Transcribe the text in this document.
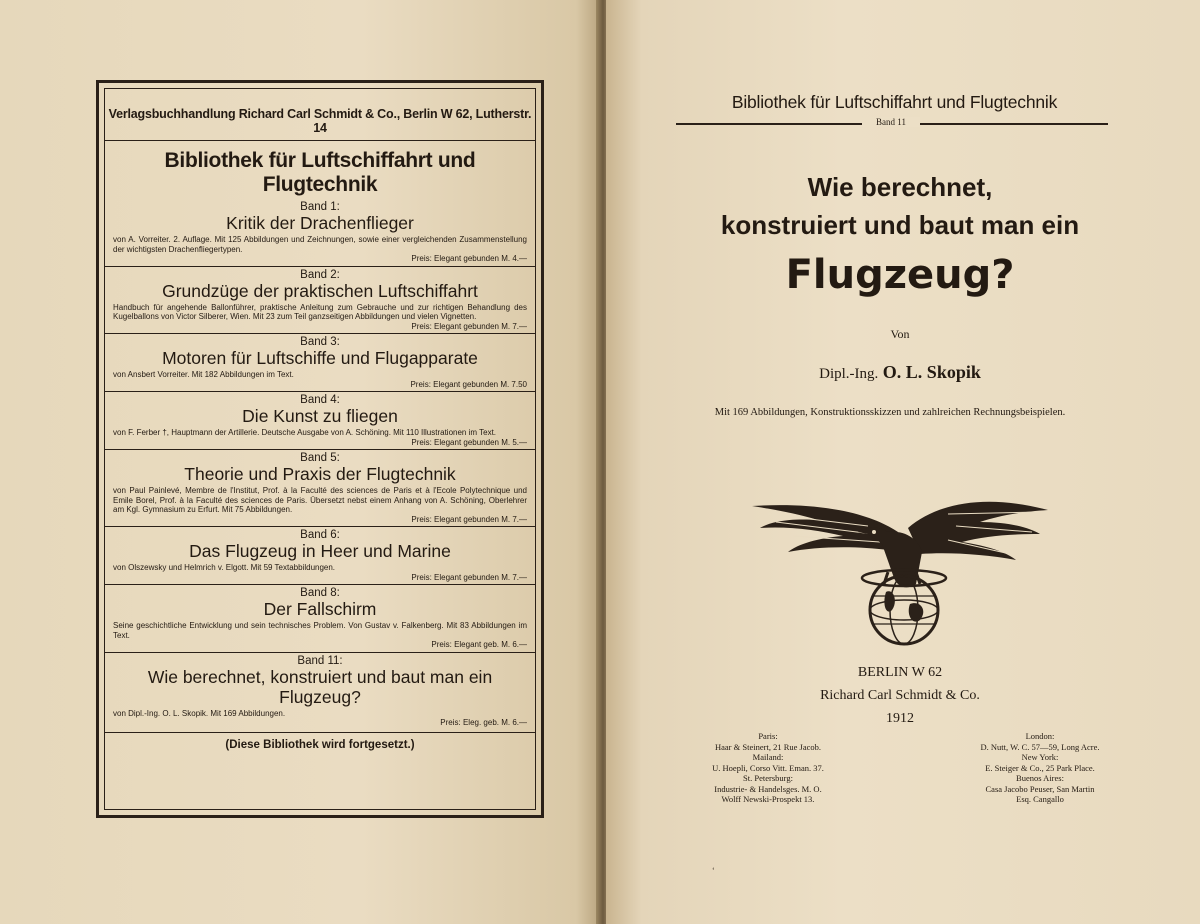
Verlagsbuchhandlung Richard Carl Schmidt & Co., Berlin W 62, Lutherstr. 14
Bibliothek für Luftschiffahrt und Flugtechnik
Band 1:
Kritik der Drachenflieger
von A. Vorreiter. 2. Auflage. Mit 125 Abbildungen und Zeichnungen, sowie einer vergleichenden Zusammenstellung der wichtigsten Drachenfliegertypen.
Preis: Elegant gebunden M. 4.—
Band 2:
Grundzüge der praktischen Luftschiffahrt
Handbuch für angehende Ballonführer, praktische Anleitung zum Gebrauche und zur richtigen Behandlung des Kugelballons von Victor Silberer, Wien. Mit 23 zum Teil ganzseitigen Abbildungen und vielen Vignetten.
Preis: Elegant gebunden M. 7.—
Band 3:
Motoren für Luftschiffe und Flugapparate
von Ansbert Vorreiter. Mit 182 Abbildungen im Text.
Preis: Elegant gebunden M. 7.50
Band 4:
Die Kunst zu fliegen
von F. Ferber †, Hauptmann der Artillerie. Deutsche Ausgabe von A. Schöning. Mit 110 Illustrationen im Text.
Preis: Elegant gebunden M. 5.—
Band 5:
Theorie und Praxis der Flugtechnik
von Paul Painlevé, Membre de l'Institut, Prof. à la Faculté des sciences de Paris et à l'Ecole Polytechnique und Emile Borel, Prof. à la Faculté des sciences de Paris. Übersetzt nebst einem Anhang von A. Schöning, Oberlehrer am Kgl. Gymnasium zu Erfurt. Mit 75 Abbildungen.
Preis: Elegant gebunden M. 7.—
Band 6:
Das Flugzeug in Heer und Marine
von Olszewsky und Helmrich v. Elgott. Mit 59 Textabbildungen.
Preis: Elegant gebunden M. 7.—
Band 8:
Der Fallschirm
Seine geschichtliche Entwicklung und sein technisches Problem. Von Gustav v. Falkenberg. Mit 83 Abbildungen im Text.
Preis: Elegant geb. M. 6.—
Band 11:
Wie berechnet, konstruiert und baut man ein Flugzeug?
von Dipl.-Ing. O. L. Skopik. Mit 169 Abbildungen.
Preis: Eleg. geb. M. 6.—
(Diese Bibliothek wird fortgesetzt.)
Bibliothek für Luftschiffahrt und Flugtechnik
Band 11
Wie berechnet,
konstruiert und baut man ein
Flugzeug?
Von
Dipl.-Ing. O. L. Skopik
Mit 169 Abbildungen, Konstruktionsskizzen und zahlreichen Rechnungsbeispielen.
BERLIN W 62
Richard Carl Schmidt & Co.
1912
Paris:
Haar & Steinert, 21 Rue Jacob.
Mailand:
U. Hoepli, Corso Vitt. Eman. 37.
St. Petersburg:
Industrie- & Handelsges. M. O.
Wolff Newski-Prospekt 13.
London:
D. Nutt, W. C. 57—59, Long Acre.
New York:
E. Steiger & Co., 25 Park Place.
Buenos Aires:
Casa Jacobo Peuser, San Martin
Esq. Cangallo
‘
